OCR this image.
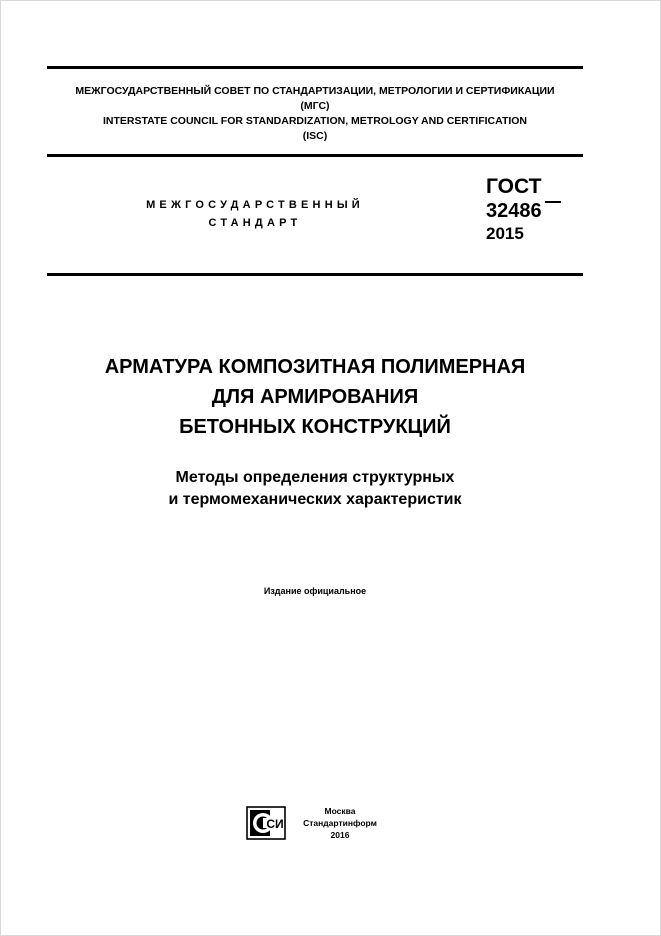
МЕЖГОСУДАРСТВЕННЫЙ СОВЕТ ПО СТАНДАРТИЗАЦИИ, МЕТРОЛОГИИ И СЕРТИФИКАЦИИ
(МГС)
INTERSTATE COUNCIL FOR STANDARDIZATION, METROLOGY AND CERTIFICATION
(ISC)
МЕЖГОСУДАРСТВЕННЫЙ
СТАНДАРТ
ГОСТ
32486
2015
АРМАТУРА КОМПОЗИТНАЯ ПОЛИМЕРНАЯ
ДЛЯ АРМИРОВАНИЯ
БЕТОННЫХ КОНСТРУКЦИЙ
Методы определения структурных
и термомеханических характеристик
Издание официальное
СИ
Москва
Стандартинформ
2016
